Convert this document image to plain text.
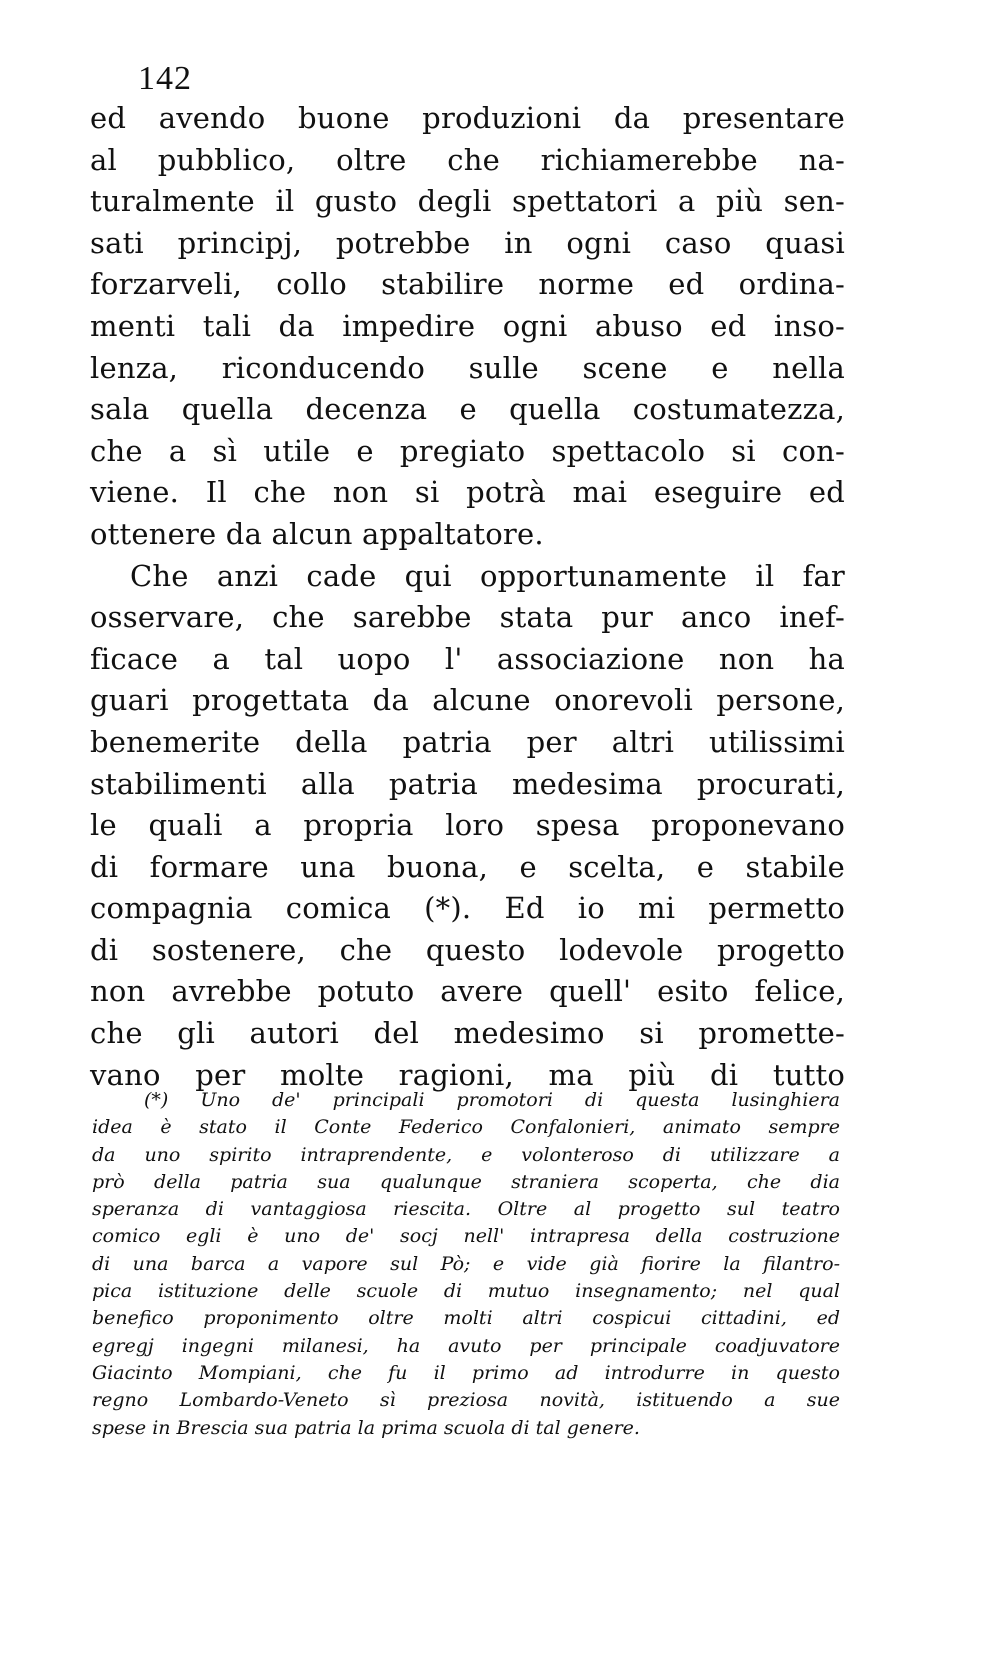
142
ed avendo buone produzioni da presentare
al pubblico, oltre che richiamerebbe na-
turalmente il gusto degli spettatori a più sen-
sati principj, potrebbe in ogni caso quasi
forzarveli, collo stabilire norme ed ordina-
menti tali da impedire ogni abuso ed inso-
lenza, riconducendo sulle scene e nella
sala quella decenza e quella costumatezza,
che a sì utile e pregiato spettacolo si con-
viene. Il che non si potrà mai eseguire ed
ottenere da alcun appaltatore.
Che anzi cade qui opportunamente il far
osservare, che sarebbe stata pur anco inef-
ficace a tal uopo l' associazione non ha
guari progettata da alcune onorevoli persone,
benemerite della patria per altri utilissimi
stabilimenti alla patria medesima procurati,
le quali a propria loro spesa proponevano
di formare una buona, e scelta, e stabile
compagnia comica (*). Ed io mi permetto
di sostenere, che questo lodevole progetto
non avrebbe potuto avere quell' esito felice,
che gli autori del medesimo si promette-
vano per molte ragioni, ma più di tutto
(*) Uno de' principali promotori di questa lusinghiera
idea è stato il Conte Federico Confalonieri, animato sempre
da uno spirito intraprendente, e volonteroso di utilizzare a
prò della patria sua qualunque straniera scoperta, che dia
speranza di vantaggiosa riescita. Oltre al progetto sul teatro
comico egli è uno de' socj nell' intrapresa della costruzione
di una barca a vapore sul Pò; e vide già fiorire la filantro-
pica istituzione delle scuole di mutuo insegnamento; nel qual
benefico proponimento oltre molti altri cospicui cittadini, ed
egregj ingegni milanesi, ha avuto per principale coadjuvatore
Giacinto Mompiani, che fu il primo ad introdurre in questo
regno Lombardo-Veneto sì preziosa novità, istituendo a sue
spese in Brescia sua patria la prima scuola di tal genere.
